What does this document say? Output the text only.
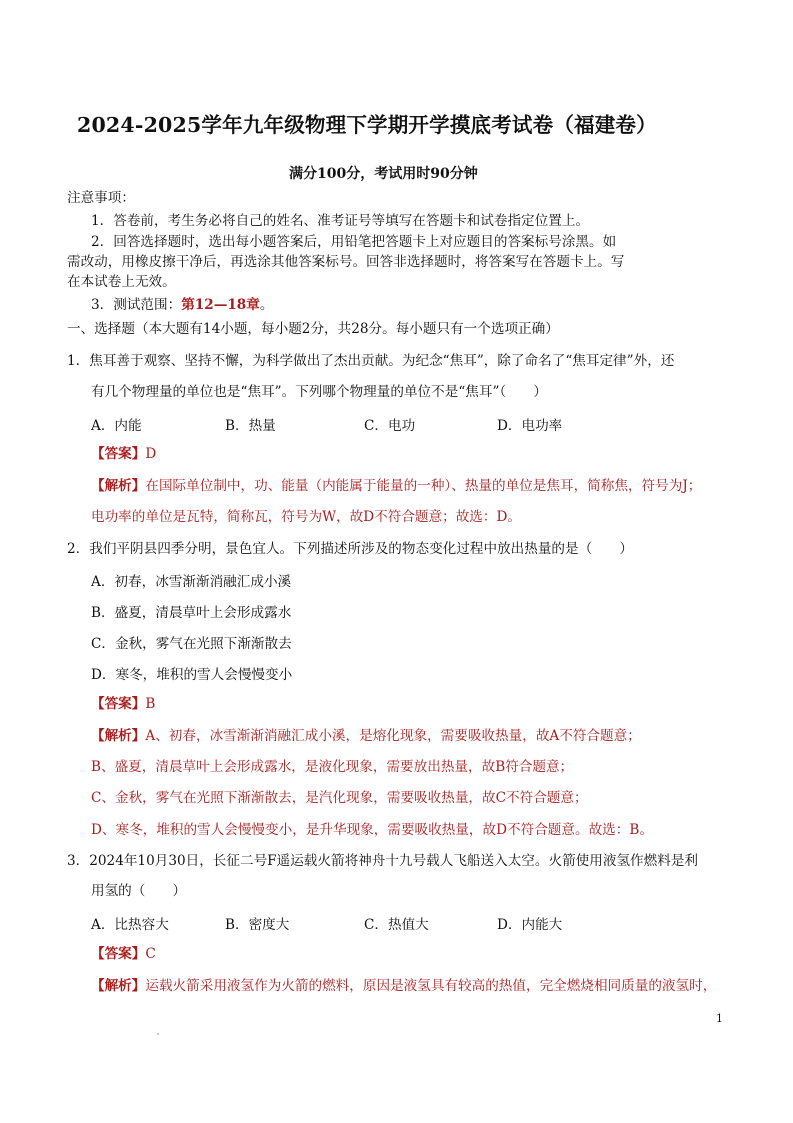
2024-2025学年九年级物理下学期开学摸底考试卷（福建卷）
满分100分，考试用时90分钟
注意事项：
1．答卷前，考生务必将自己的姓名、准考证号等填写在答题卡和试卷指定位置上。
2．回答选择题时，选出每小题答案后，用铅笔把答题卡上对应题目的答案标号涂黑。如
需改动，用橡皮擦干净后，再选涂其他答案标号。回答非选择题时，将答案写在答题卡上。写
在本试卷上无效。
3．测试范围：第12—18章。
一、选择题（本大题有14小题，每小题2分，共28分。每小题只有一个选项正确）
1．焦耳善于观察、坚持不懈，为科学做出了杰出贡献。为纪念“焦耳”，除了命名了“焦耳定律”外，还
有几个物理量的单位也是“焦耳”。下列哪个物理量的单位不是“焦耳”（　　）
A．内能	B．热量	C．电功	D．电功率
【答案】D
【解析】在国际单位制中，功、能量（内能属于能量的一种）、热量的单位是焦耳，简称焦，符号为J；
电功率的单位是瓦特，简称瓦，符号为W，故D不符合题意；故选：D。
2．我们平阴县四季分明，景色宜人。下列描述所涉及的物态变化过程中放出热量的是（　　）
A．初春，冰雪渐渐消融汇成小溪
B．盛夏，清晨草叶上会形成露水
C．金秋，雾气在光照下渐渐散去
D．寒冬，堆积的雪人会慢慢变小
【答案】B
【解析】A、初春，冰雪渐渐消融汇成小溪，是熔化现象，需要吸收热量，故A不符合题意；
B、盛夏，清晨草叶上会形成露水，是液化现象，需要放出热量，故B符合题意；
C、金秋，雾气在光照下渐渐散去，是汽化现象，需要吸收热量，故C不符合题意；
D、寒冬，堆积的雪人会慢慢变小，是升华现象，需要吸收热量，故D不符合题意。故选：B。
3．2024年10月30日，长征二号F遥运载火箭将神舟十九号载人飞船送入太空。火箭使用液氢作燃料是利
用氢的（　　）
A．比热容大	B．密度大	C．热值大	D．内能大
【答案】C
【解析】运载火箭采用液氢作为火箭的燃料，原因是液氢具有较高的热值，完全燃烧相同质量的液氢时，
1
